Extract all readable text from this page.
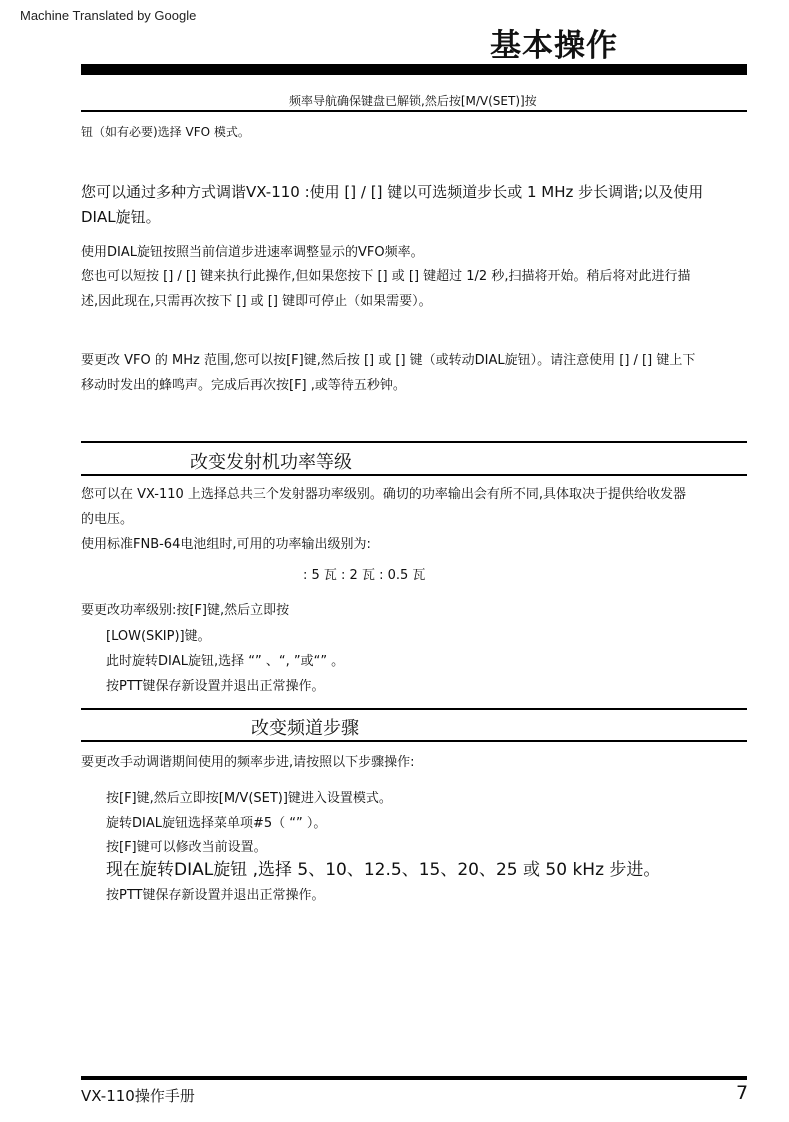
Machine Translated by Google
基本操作
频率导航确保键盘已解锁,然后按[M/V(SET)]按
钮（如有必要)选择 VFO 模式。
您可以通过多种方式调谐VX-110 :使用 [] / [] 键以可选频道步长或 1 MHz 步长调谐;以及使用
DIAL旋钮。
使用DIAL旋钮按照当前信道步进速率调整显示的VFO频率。
您也可以短按 [] / [] 键来执行此操作,但如果您按下 [] 或 [] 键超过 1/2 秒,扫描将开始。稍后将对此进行描
述,因此现在,只需再次按下 [] 或 [] 键即可停止（如果需要）。
要更改 VFO 的 MHz 范围,您可以按[F]键,然后按 [] 或 [] 键（或转动DIAL旋钮）。请注意使用 [] / [] 键上下
移动时发出的蜂鸣声。完成后再次按[F] ,或等待五秒钟。
改变发射机功率等级
您可以在 VX-110 上选择总共三个发射器功率级别。确切的功率输出会有所不同,具体取决于提供给收发器
的电压。
使用标准FNB-64电池组时,可用的功率输出级别为:
: 5 瓦 : 2 瓦 : 0.5 瓦
要更改功率级别:按[F]键,然后立即按
[LOW(SKIP)]键。
此时旋转DIAL旋钮,选择 “” 、“, ”或“” 。
按PTT键保存新设置并退出正常操作。
改变频道步骤
要更改手动调谐期间使用的频率步进,请按照以下步骤操作:
按[F]键,然后立即按[M/V(SET)]键进入设置模式。
旋转DIAL旋钮选择菜单项#5（ “” ）。
按[F]键可以修改当前设置。
现在旋转DIAL旋钮 ,选择 5、10、12.5、15、20、25 或 50 kHz 步进。
按PTT键保存新设置并退出正常操作。
VX-110操作手册	7
